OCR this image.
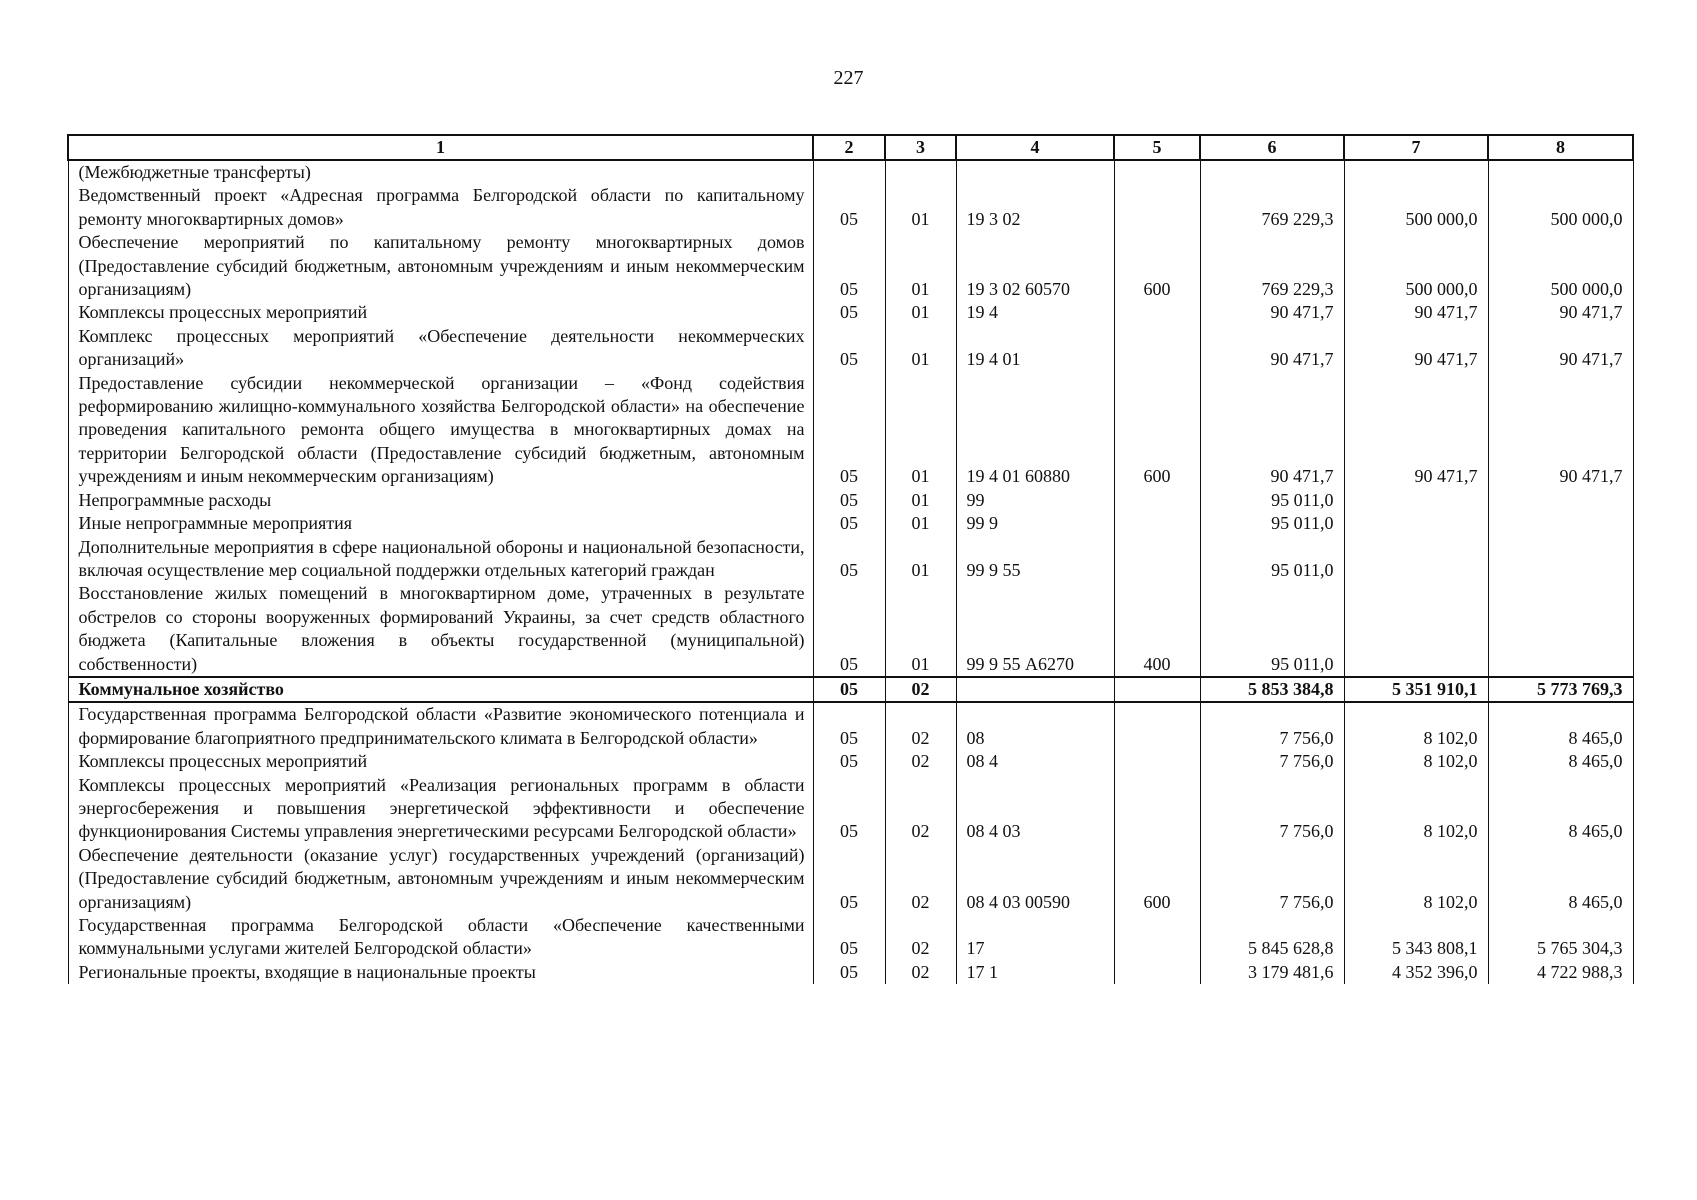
227
1	2	3	4	5	6	7	8
(Межбюджетные трансферты)							
Ведомственный проект «Адресная программа Белгородской области по капитальному ремонту многоквартирных домов»	05	01	19 3 02		769 229,3	500 000,0	500 000,0
Обеспечение мероприятий по капитальному ремонту многоквартирных домов (Предоставление субсидий бюджетным, автономным учреждениям и иным некоммерческим организациям)	05	01	19 3 02 60570	600	769 229,3	500 000,0	500 000,0
Комплексы процессных мероприятий	05	01	19 4		90 471,7	90 471,7	90 471,7
Комплекс процессных мероприятий «Обеспечение деятельности некоммерческих организаций»	05	01	19 4 01		90 471,7	90 471,7	90 471,7
Предоставление субсидии некоммерческой организации – «Фонд содействия реформированию жилищно-коммунального хозяйства Белгородской области» на обеспечение проведения капитального ремонта общего имущества в многоквартирных домах на территории Белгородской области (Предоставление субсидий бюджетным, автономным учреждениям и иным некоммерческим организациям)	05	01	19 4 01 60880	600	90 471,7	90 471,7	90 471,7
Непрограммные расходы	05	01	99		95 011,0		
Иные непрограммные мероприятия	05	01	99 9		95 011,0		
Дополнительные мероприятия в сфере национальной обороны и национальной безопасности, включая осуществление мер социальной поддержки отдельных категорий граждан	05	01	99 9 55		95 011,0		
Восстановление жилых помещений в многоквартирном доме, утраченных в результате обстрелов со стороны вооруженных формирований Украины, за счет средств областного бюджета (Капитальные вложения в объекты государственной (муниципальной) собственности)	05	01	99 9 55 А6270	400	95 011,0		
Коммунальное хозяйство	05	02			5 853 384,8	5 351 910,1	5 773 769,3
Государственная программа Белгородской области «Развитие экономического потенциала и формирование благоприятного предпринимательского климата в Белгородской области»	05	02	08		7 756,0	8 102,0	8 465,0
Комплексы процессных мероприятий	05	02	08 4		7 756,0	8 102,0	8 465,0
Комплексы процессных мероприятий «Реализация региональных программ в области энергосбережения и повышения энергетической эффективности и обеспечение функционирования Системы управления энергетическими ресурсами Белгородской области»	05	02	08 4 03		7 756,0	8 102,0	8 465,0
Обеспечение деятельности (оказание услуг) государственных учреждений (организаций) (Предоставление субсидий бюджетным, автономным учреждениям и иным некоммерческим организациям)	05	02	08 4 03 00590	600	7 756,0	8 102,0	8 465,0
Государственная программа Белгородской области «Обеспечение качественными коммунальными услугами жителей Белгородской области»	05	02	17		5 845 628,8	5 343 808,1	5 765 304,3
Региональные проекты, входящие в национальные проекты	05	02	17 1		3 179 481,6	4 352 396,0	4 722 988,3
